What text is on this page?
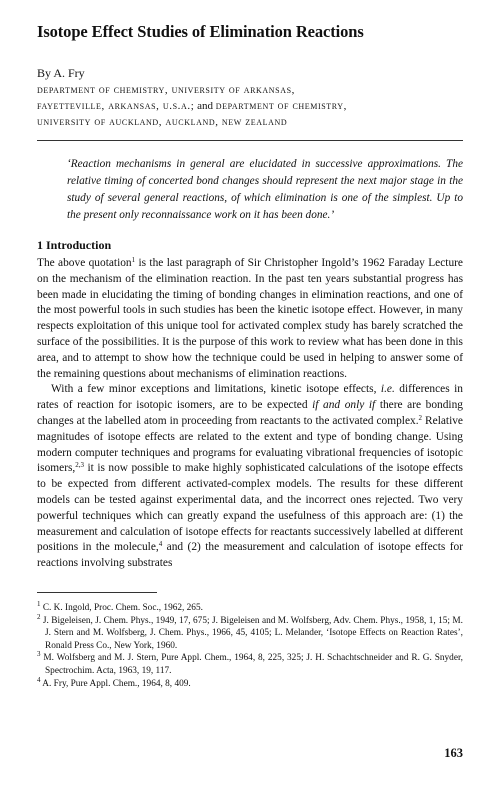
Isotope Effect Studies of Elimination Reactions
By A. Fry
department of chemistry, university of arkansas,
fayetteville, arkansas, u.s.a.; and department of chemistry,
university of auckland, auckland, new zealand
‘Reaction mechanisms in general are elucidated in successive approximations. The relative timing of concerted bond changes should represent the next major stage in the study of several general reactions, of which elimination is one of the simplest. Up to the present only reconnaissance work on it has been done.’
1 Introduction

The above quotation$^1$ is the last paragraph of Sir Christopher Ingold’s 1962 Faraday Lecture on the mechanism of the elimination reaction. In the past ten years substantial progress has been made in elucidating the timing of bonding changes in elimination reactions, and one of the most powerful tools in such studies has been the kinetic isotope effect. However, in many respects exploitation of this unique tool for activated complex study has barely scratched the surface of the possibilities. It is the purpose of this work to review what has been done in this area, and to attempt to show how the technique could be used in helping to answer some of the remaining questions about mechanisms of elimination reactions.

With a few minor exceptions and limitations, kinetic isotope effects, i.e. differences in rates of reaction for isotopic isomers, are to be expected if and only if there are bonding changes at the labelled atom in proceeding from reactants to the activated complex.$^2$ Relative magnitudes of isotope effects are related to the extent and type of bonding change. Using modern computer techniques and programs for evaluating vibrational frequencies of isotopic isomers,$^{2,3}$ it is now possible to make highly sophisticated calculations of the isotope effects to be expected from different activated-complex models. The results for these different models can be tested against experimental data, and the incorrect ones rejected. Two very powerful techniques which can greatly expand the usefulness of this approach are: (1) the measurement and calculation of isotope effects for reactants successively labelled at different positions in the molecule,$^4$ and (2) the measurement and calculation of isotope effects for reactions involving substrates

$^1$ C. K. Ingold, Proc. Chem. Soc., 1962, 265.

$^2$ J. Bigeleisen, J. Chem. Phys., 1949, 17, 675; J. Bigeleisen and M. Wolfsberg, Adv. Chem. Phys., 1958, 1, 15; M. J. Stern and M. Wolfsberg, J. Chem. Phys., 1966, 45, 4105; L. Melander, ‘Isotope Effects on Reaction Rates’, Ronald Press Co., New York, 1960.

$^3$ M. Wolfsberg and M. J. Stern, Pure Appl. Chem., 1964, 8, 225, 325; J. H. Schachtschneider and R. G. Snyder, Spectrochim. Acta, 1963, 19, 117.

$^4$ A. Fry, Pure Appl. Chem., 1964, 8, 409.

163
